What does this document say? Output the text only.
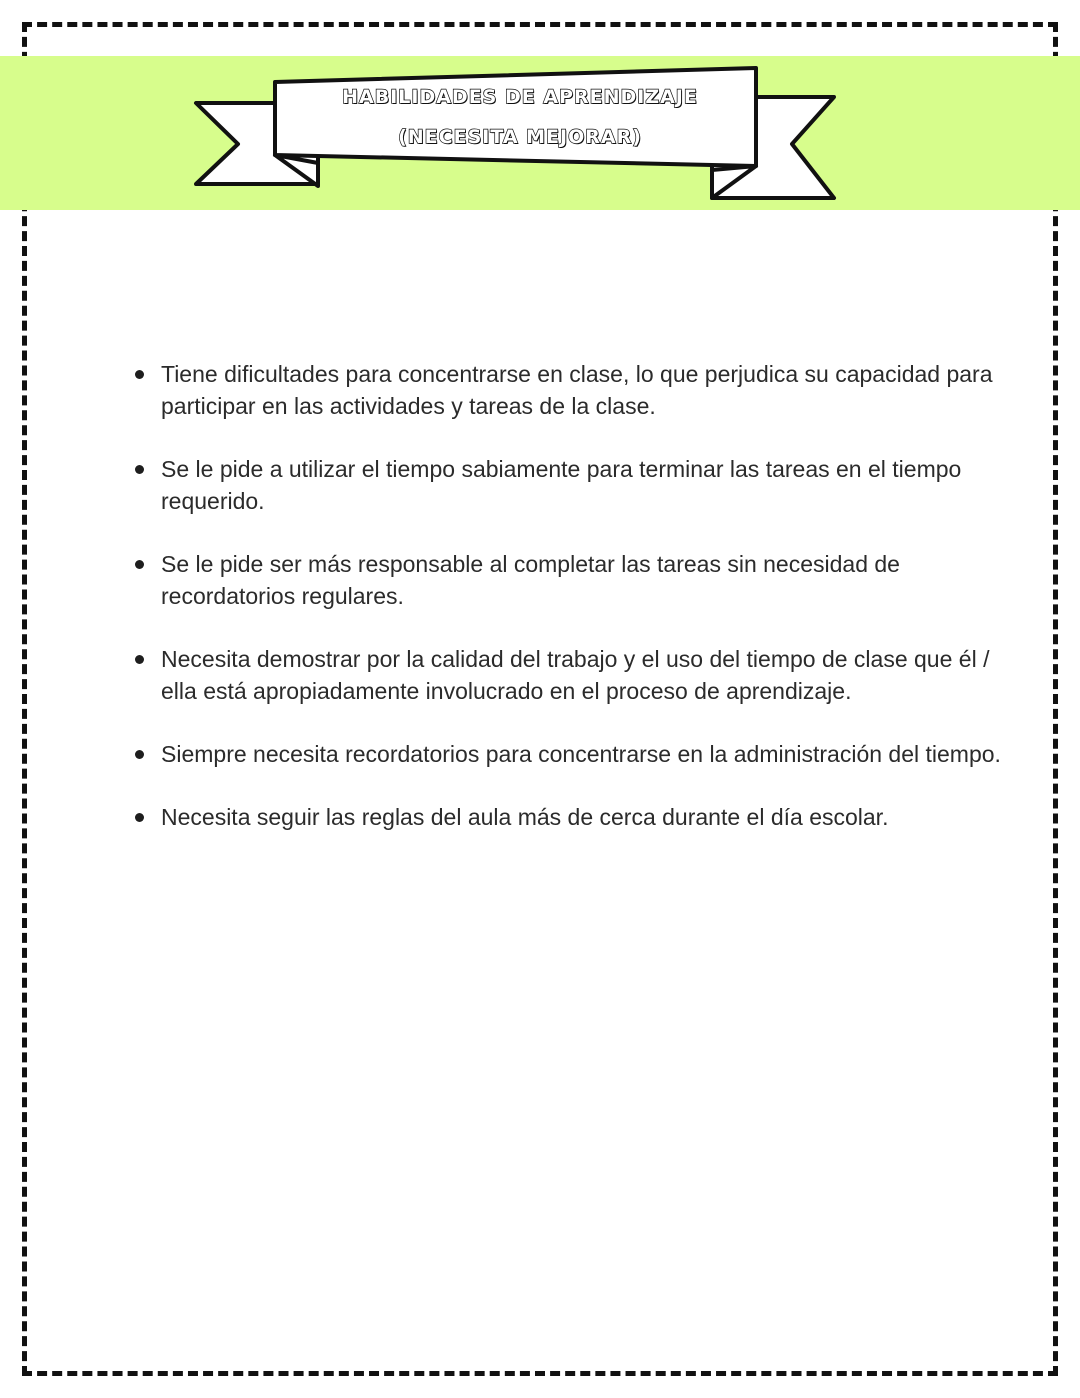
HABILIDADES DE APRENDIZAJE
(NECESITA MEJORAR)
Tiene dificultades para concentrarse en clase, lo que perjudica su capacidad para participar en las actividades y tareas de la clase.
Se le pide a utilizar el tiempo sabiamente para terminar las tareas en el tiempo requerido.
Se le pide ser más responsable al completar las tareas sin necesidad de recordatorios regulares.
Necesita demostrar por la calidad del trabajo y el uso del tiempo de clase que él / ella está apropiadamente involucrado en el proceso de aprendizaje.
Siempre necesita recordatorios para concentrarse en la administración del tiempo.
Necesita seguir las reglas del aula más de cerca durante el día escolar.
